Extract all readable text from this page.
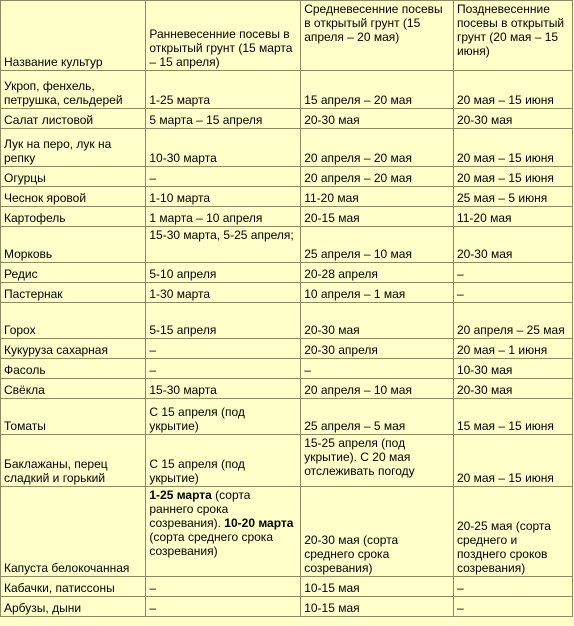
Название культур	Ранневесенние посевы в открытый грунт (15 марта – 15 апреля)	Средневесенние посевы в открытый грунт (15 апреля – 20 мая)	Поздневесенние посевы в открытый грунт (20 мая – 15 июня)
Укроп, фенхель, петрушка, сельдерей	1-25 марта	15 апреля – 20 мая	20 мая – 15 июня
Салат листовой	5 марта – 15 апреля	20-30 мая	20-30 мая
Лук на перо, лук на репку	10-30 марта	20 апреля – 20 мая	20 мая – 15 июня
Огурцы	–	20 апреля – 20 мая	20 мая – 15 июня
Чеснок яровой	1-10 марта	11-20 мая	25 мая – 5 июня
Картофель	1 марта – 10 апреля	20-15 мая	11-20 мая
Морковь	15-30 марта, 5-25 апреля;	25 апреля – 10 мая	20-30 мая
Редис	5-10 апреля	20-28 апреля	–
Пастернак	1-30 марта	10 апреля – 1 мая	–
Горох	5-15 апреля	20-30 мая	20 апреля – 25 мая
Кукуруза сахарная	–	20-30 апреля	20 мая – 1 июня
Фасоль	–	–	10-30 мая
Свёкла	15-30 марта	20 апреля – 10 мая	20-30 мая
Томаты	С 15 апреля (под укрытие)	25 апреля – 5 мая	15 мая – 15 июня
Баклажаны, перец сладкий и горький	С 15 апреля (под укрытие)	15-25 апреля (под укрытие). С 20 мая отслеживать погоду	20 мая – 15 июня
Капуста белокочанная	1-25 марта (сорта раннего срока созревания). 10-20 марта (сорта среднего срока созревания)	20-30 мая (сорта среднего срока созревания)	20-25 мая (сорта среднего и позднего сроков созревания)
Кабачки, патиссоны	–	10-15 мая	–
Арбузы, дыни	–	10-15 мая	–
